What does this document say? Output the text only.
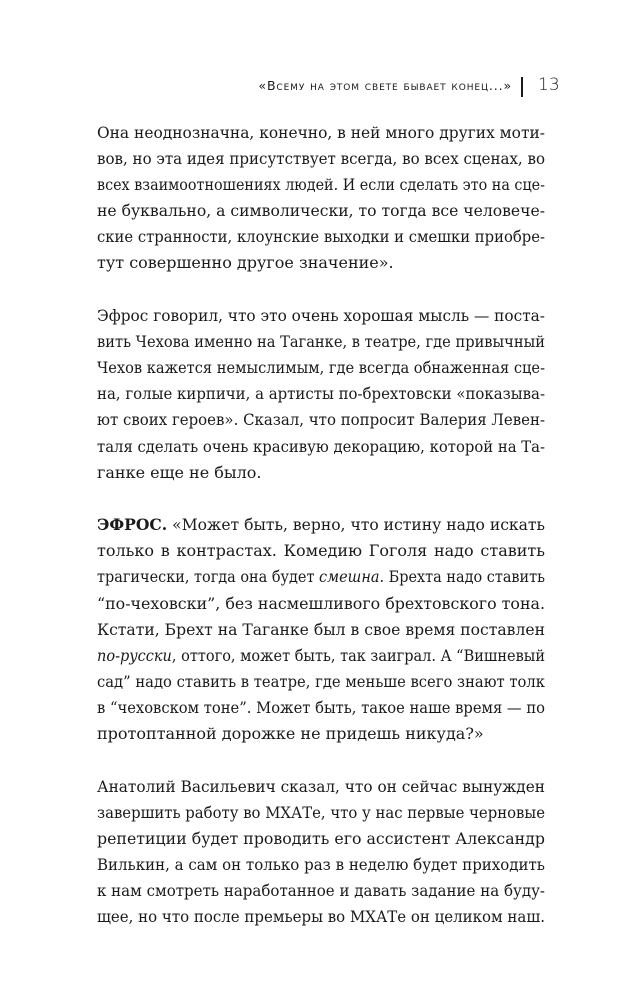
«Всему на этом свете бывает конец...» 13

Она неоднозначна, конечно, в ней много других моти-
вов, но эта идея присутствует всегда, во всех сценах, во
всех взаимоотношениях людей. И если сделать это на сце-
не буквально, а символически, то тогда все человече-
ские странности, клоунские выходки и смешки приобре-
тут совершенно другое значение».

Эфрос говорил, что это очень хорошая мысль — поста-
вить Чехова именно на Таганке, в театре, где привычный
Чехов кажется немыслимым, где всегда обнаженная сце-
на, голые кирпичи, а артисты по-брехтовски «показыва-
ют своих героев». Сказал, что попросит Валерия Левен-
таля сделать очень красивую декорацию, которой на Та-
ганке еще не было.

ЭФРОС. «Может быть, верно, что истину надо искать
только в контрастах. Комедию Гоголя надо ставить
трагически, тогда она будет смешна. Брехта надо ставить
“по-чеховски”, без насмешливого брехтовского тона.
Кстати, Брехт на Таганке был в свое время поставлен
по-русски, оттого, может быть, так заиграл. А “Вишневый
сад” надо ставить в театре, где меньше всего знают толк
в “чеховском тоне”. Может быть, такое наше время — по
протоптанной дорожке не придешь никуда?»

Анатолий Васильевич сказал, что он сейчас вынужден
завершить работу во МХАТе, что у нас первые черновые
репетиции будет проводить его ассистент Александр
Вилькин, а сам он только раз в неделю будет приходить
к нам смотреть наработанное и давать задание на буду-
щее, но что после премьеры во МХАТе он целиком наш.
